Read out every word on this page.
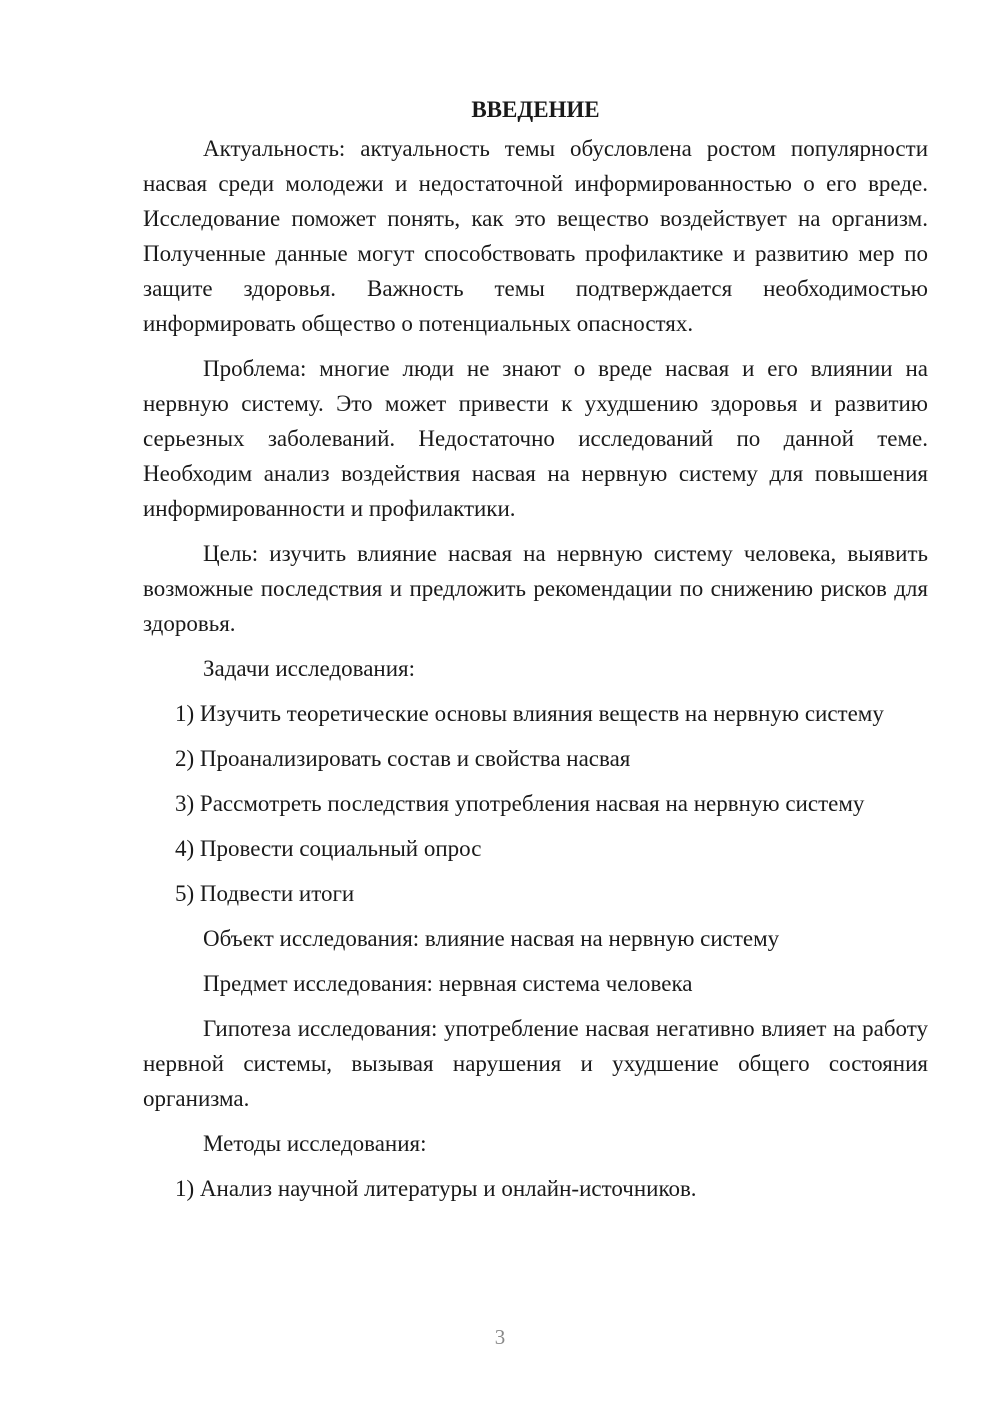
ВВЕДЕНИЕ

Актуальность: актуальность темы обусловлена ростом популярности насвая среди молодежи и недостаточной информированностью о его вреде. Исследование поможет понять, как это вещество воздействует на организм. Полученные данные могут способствовать профилактике и развитию мер по защите здоровья. Важность темы подтверждается необходимостью информировать общество о потенциальных опасностях.

Проблема: многие люди не знают о вреде насвая и его влиянии на нервную систему. Это может привести к ухудшению здоровья и развитию серьезных заболеваний. Недостаточно исследований по данной теме. Необходим анализ воздействия насвая на нервную систему для повышения информированности и профилактики.

Цель: изучить влияние насвая на нервную систему человека, выявить возможные последствия и предложить рекомендации по снижению рисков для здоровья.

Задачи исследования:

1) Изучить теоретические основы влияния веществ на нервную систему

2) Проанализировать состав и свойства насвая

3) Рассмотреть последствия употребления насвая на нервную систему

4) Провести социальный опрос

5) Подвести итоги

Объект исследования: влияние насвая на нервную систему

Предмет исследования: нервная система человека

Гипотеза исследования: употребление насвая негативно влияет на работу нервной системы, вызывая нарушения и ухудшение общего состояния организма.

Методы исследования:

1) Анализ научной литературы и онлайн-источников.

3
